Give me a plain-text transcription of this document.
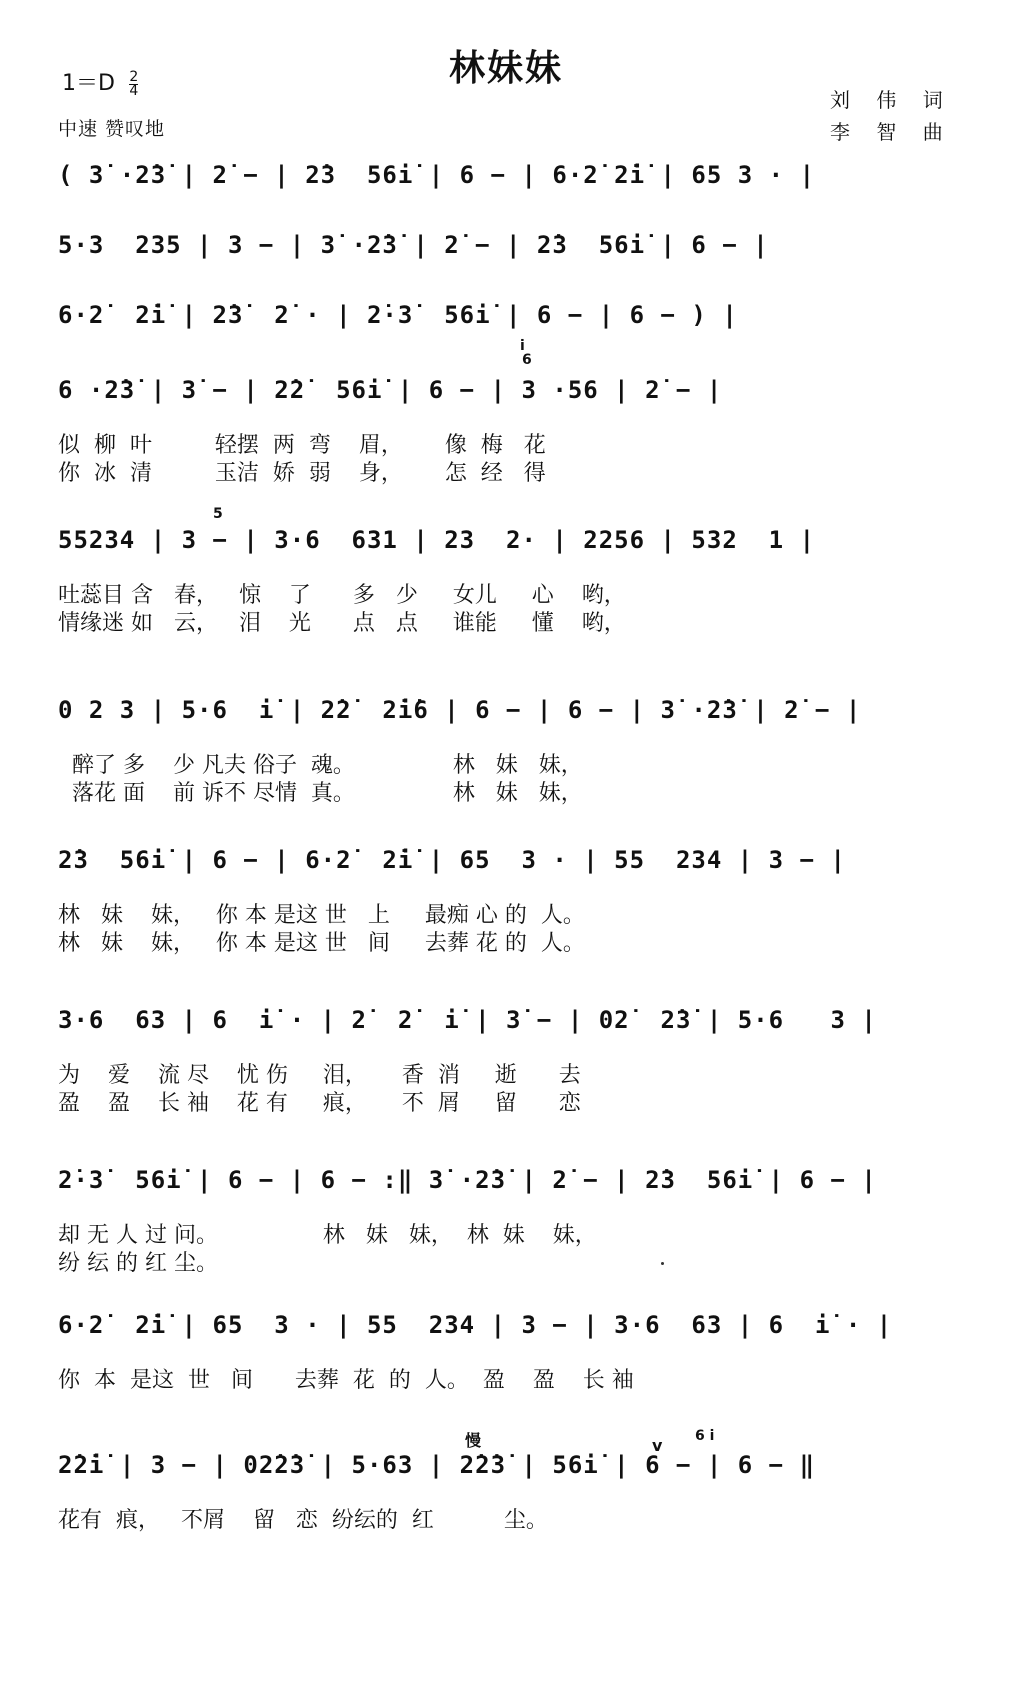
林妹妹
$1=D \frac{2}{4}$
中速 赞叹地
刘 伟 词
李 智 曲
( 3̇ ·2̇3̇ | 2̇ − | 2̇3  56i̇ | 6 − | 6·2̇ 2̇i̇ | 65 3 · |
5·3  235 | 3 − | 3̇ ·2̇3̇ | 2̇ − | 2̇3  56i̇ | 6 − |
6·2̇  2̇i̇ | 2̇3̇  2̇ · | 2̇·3̇  56i̇ | 6 − | 6 − ) |
6 ·2̇3̇ | 3̇ − | 2̇2̇  56i̇ | 6 − | 3 ·56 | 2̇ − |
似  柳  叶         轻摆  两  弯    眉，      像  梅   花
你  冰  清         玉洁  娇  弱    身，      怎  经   得
55234 | 3 − | 3·6  631 | 23  2· | 2256 | 532  1 |
吐蕊目 含   春，   惊    了      多   少     女儿     心    哟，
情缘迷 如   云，   泪    光      点   点     谁能     懂    哟，
0 2 3 | 5·6  i̇ | 2̇2̇  2̇i̇6 | 6 − | 6 − | 3̇ ·2̇3̇ | 2̇ − |
醉了 多    少 凡夫 俗子  魂。              林   妹   妹，
落花 面    前 诉不 尽情  真。              林   妹   妹，
2̇3  56i̇ | 6 − | 6·2̇  2̇i̇ | 65  3 · | 55  234 | 3 − |
林   妹    妹，   你 本 是这 世   上     最痴 心 的  人。
林   妹    妹，   你 本 是这 世   间     去葬 花 的  人。
3·6  63 | 6  i̇ · | 2̇  2̇  i̇ | 3̇ − | 02̇  2̇3̇ | 5·6   3 |
为    爱    流 尽    忧 伤     泪，     香  消     逝      去
盈    盈    长 袖    花 有     痕，     不  屑     留      恋
2̇·3̇  56i̇ | 6 − | 6 − :‖ 3̇ ·2̇3̇ | 2̇ − | 2̇3  56i̇ | 6 − |
却 无 人 过 问。               林   妹   妹，  林  妹    妹，
纷 纭 的 红 尘。
6·2̇  2̇i̇ | 65  3 · | 55  234 | 3 − | 3·6  63 | 6  i̇ · |
你  本  是这  世   间      去葬  花  的  人。  盈    盈    长 袖
2̇2̇i̇ | 3 − | 02̇2̇3̇ | 5·63 | 2̇2̇3̇ | 56i̇ | 6 − | 6 − ‖
花有  痕，   不屑    留   恋  纷纭的  红          尘。
慢	v
i̇
6
5
6 i̇
